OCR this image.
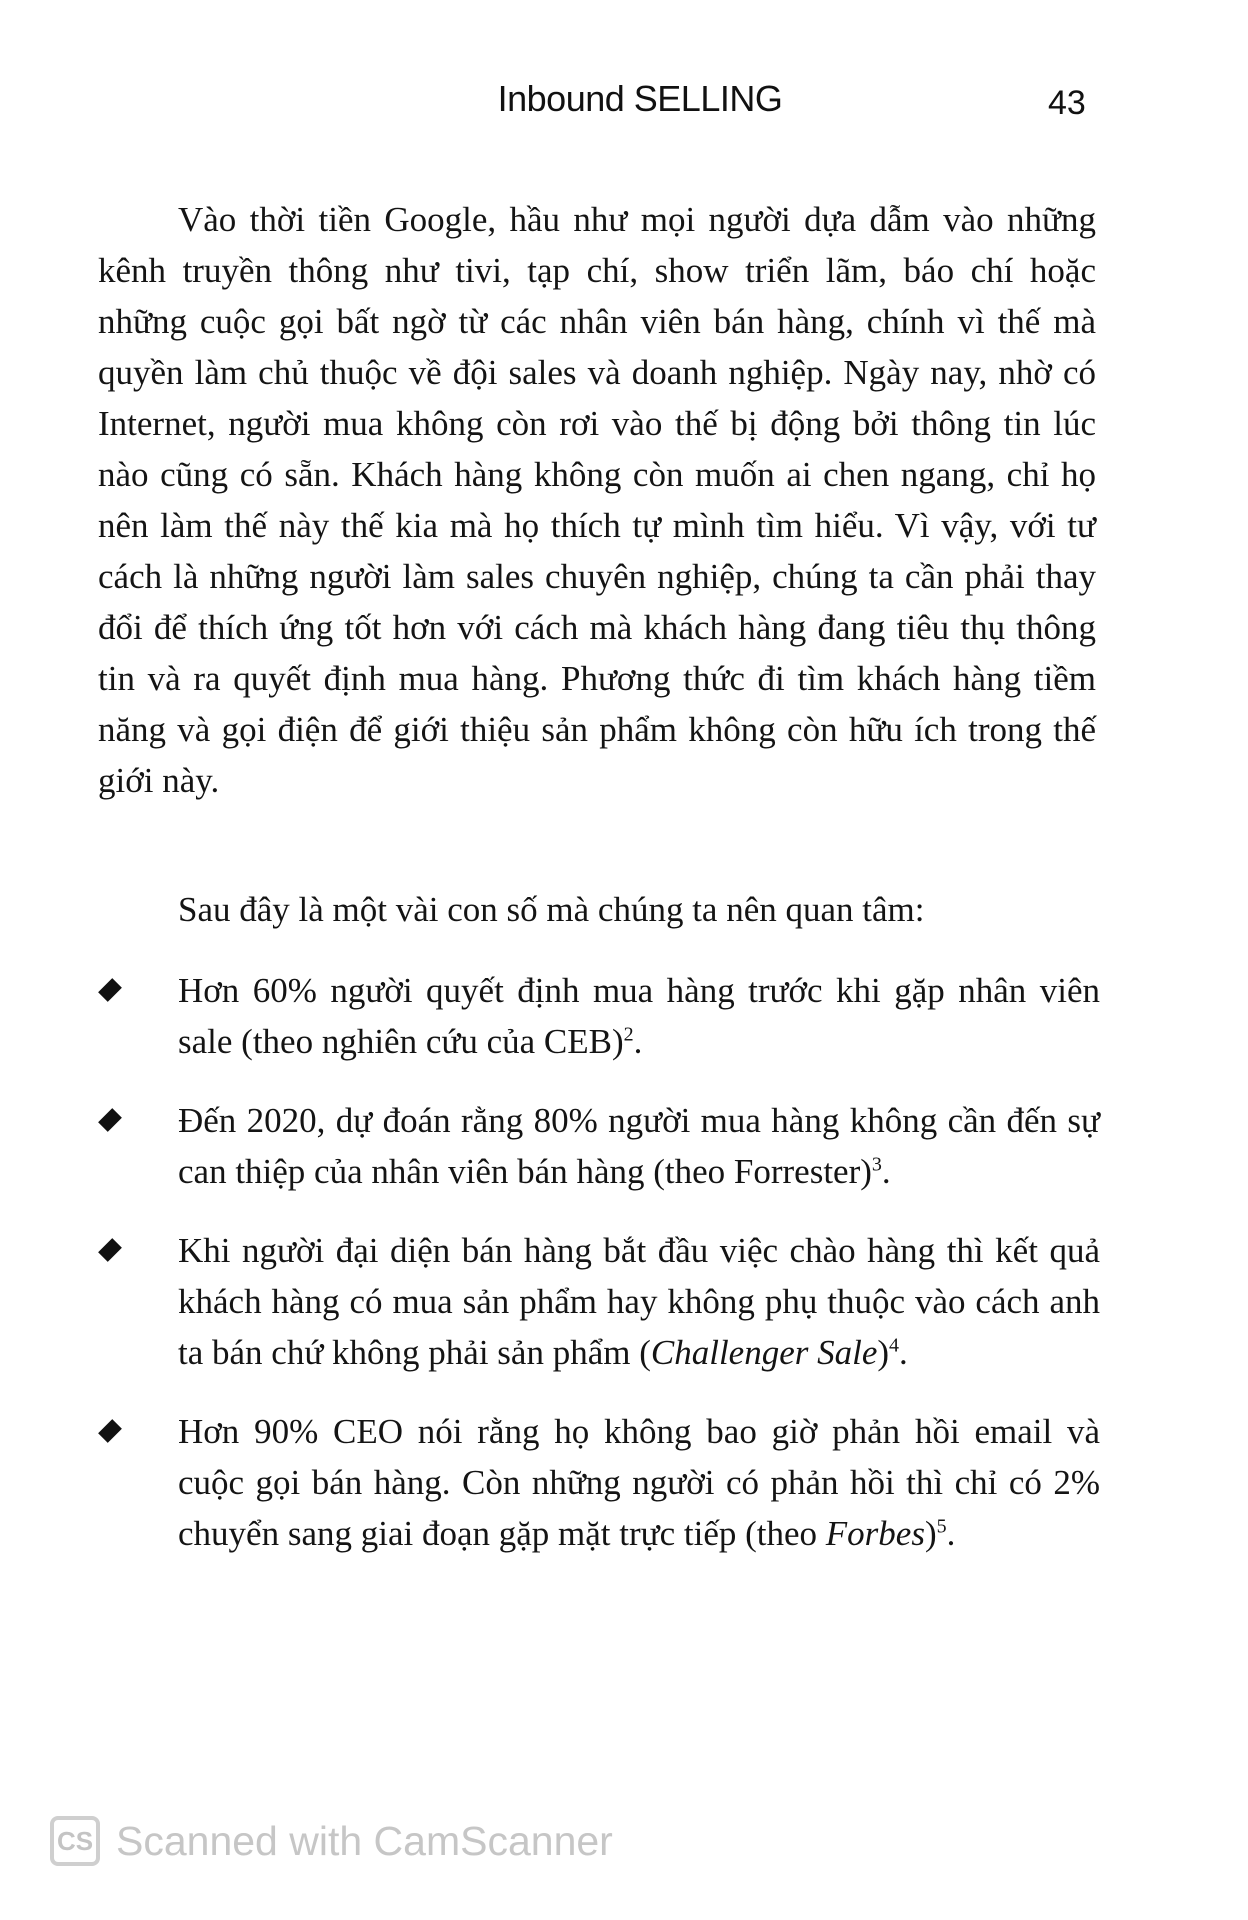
Inbound SELLING	43

Vào thời tiền Google, hầu như mọi người dựa dẫm vào những kênh truyền thông như tivi, tạp chí, show triển lãm, báo chí hoặc những cuộc gọi bất ngờ từ các nhân viên bán hàng, chính vì thế mà quyền làm chủ thuộc về đội sales và doanh nghiệp. Ngày nay, nhờ có Internet, người mua không còn rơi vào thế bị động bởi thông tin lúc nào cũng có sẵn. Khách hàng không còn muốn ai chen ngang, chỉ họ nên làm thế này thế kia mà họ thích tự mình tìm hiểu. Vì vậy, với tư cách là những người làm sales chuyên nghiệp, chúng ta cần phải thay đổi để thích ứng tốt hơn với cách mà khách hàng đang tiêu thụ thông tin và ra quyết định mua hàng. Phương thức đi tìm khách hàng tiềm năng và gọi điện để giới thiệu sản phẩm không còn hữu ích trong thế giới này.

Sau đây là một vài con số mà chúng ta nên quan tâm:

Hơn 60% người quyết định mua hàng trước khi gặp nhân viên sale (theo nghiên cứu của CEB)$^2$.
Đến 2020, dự đoán rằng 80% người mua hàng không cần đến sự can thiệp của nhân viên bán hàng (theo Forrester)$^3$.
Khi người đại diện bán hàng bắt đầu việc chào hàng thì kết quả khách hàng có mua sản phẩm hay không phụ thuộc vào cách anh ta bán chứ không phải sản phẩm (Challenger Sale)$^4$.
Hơn 90% CEO nói rằng họ không bao giờ phản hồi email và cuộc gọi bán hàng. Còn những người có phản hồi thì chỉ có 2% chuyển sang giai đoạn gặp mặt trực tiếp (theo Forbes)$^5$.
CS Scanned with CamScanner
